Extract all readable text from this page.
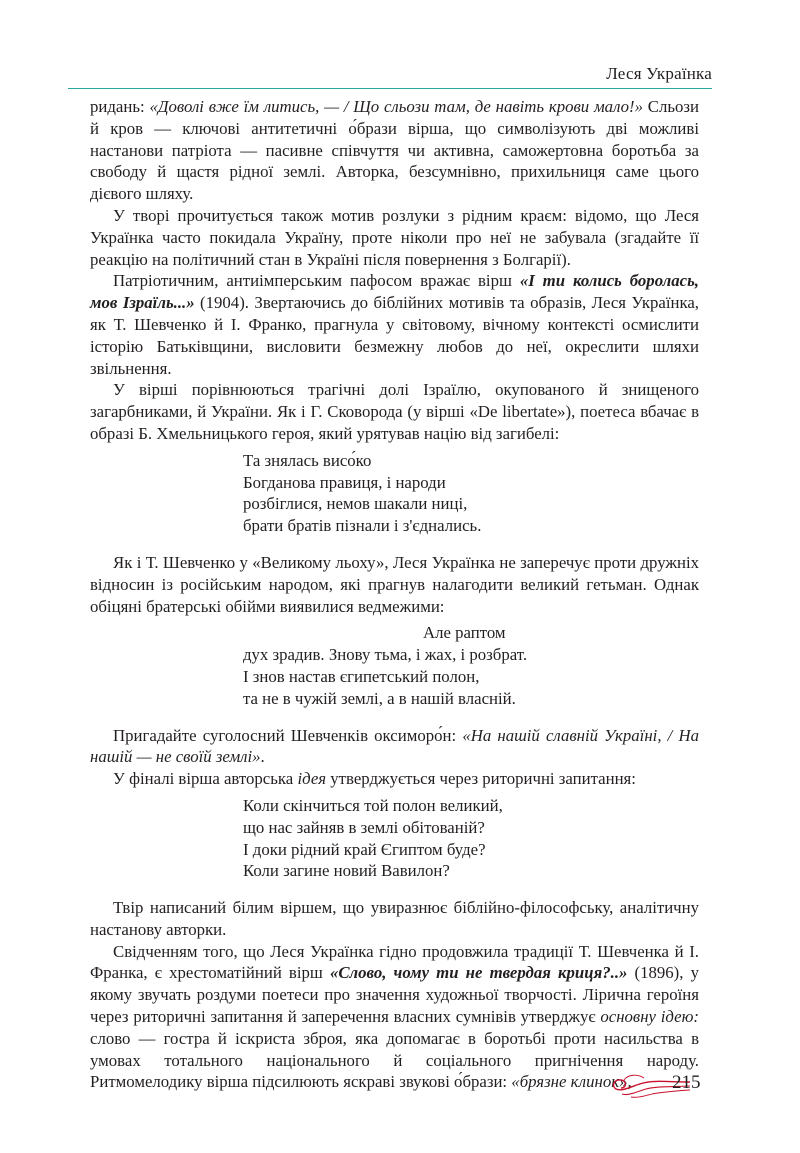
Леся Українка

ридань: «Доволі вже їм литись, — / Що сльози там, де навіть крови мало!» Сльози й кров — ключові антитетичні о́брази вірша, що символізують дві можливі настанови патріота — пасивне співчуття чи активна, саможертовна боротьба за свободу й щастя рідної землі. Авторка, безсумнівно, прихильниця саме цього дієвого шляху.

У творі прочитується також мотив розлуки з рідним краєм: відомо, що Леся Українка часто покидала Україну, проте ніколи про неї не забувала (згадайте її реакцію на політичний стан в Україні після повернення з Болгарії).

Патріотичним, антиімперським пафосом вражає вірш «І ти колись боролась, мов Ізраїль...» (1904). Звертаючись до біблійних мотивів та образів, Леся Українка, як Т. Шевченко й І. Франко, прагнула у світовому, вічному контексті осмислити історію Батьківщини, висловити безмежну любов до неї, окреслити шляхи звільнення.

У вірші порівнюються трагічні долі Ізраїлю, окупованого й знищеного загарбниками, й України. Як і Г. Сковорода (у вірші «De libertate»), поетеса вбачає в образі Б. Хмельницького героя, який урятував націю від загибелі:

Та знялась висо́ко
Богданова правиця, і народи
розбіглися, немов шакали ниці,
брати братів пізнали і з'єднались.

Як і Т. Шевченко у «Великому льоху», Леся Українка не заперечує проти дружніх відносин із російським народом, які прагнув налагодити великий гетьман. Однак обіцяні братерські обійми виявилися ведмежими:

Але раптом
дух зрадив. Знову тьма, і жах, і розбрат.
І знов настав єгипетський полон,
та не в чужій землі, а в нашій власній.

Пригадайте суголосний Шевченків оксиморо́н: «На нашій славній Україні, / На нашій — не своїй землі».

У фіналі вірша авторська ідея утверджується через риторичні запитання:

Коли скінчиться той полон великий,
що нас зайняв в землі обітованій?
І доки рідний край Єгиптом буде?
Коли загине новий Вавилон?

Твір написаний білим віршем, що увиразнює біблійно-філософську, аналітичну настанову авторки.

Свідченням того, що Леся Українка гідно продовжила традиції Т. Шевченка й І. Франка, є хрестоматійний вірш «Слово, чому ти не твердая криця?..» (1896), у якому звучать роздуми поетеси про значення художньої творчості. Лірична героїня через риторичні запитання й заперечення власних сумнівів утверджує основну ідею: слово — гостра й іскриста зброя, яка допомагає в боротьбі проти насильства в умовах тотального національного й соціального пригнічення народу. Ритмомелодику вірша підсилюють яскраві звукові о́брази: «брязне клинок»,	215
